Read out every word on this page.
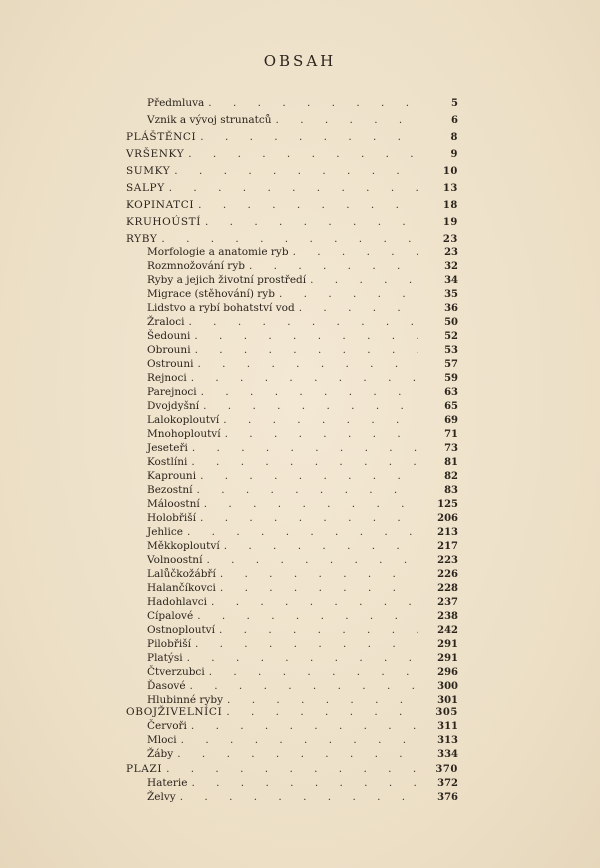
OBSAH
Předmluva . . .	5
Vznik a vývoj strunatců . . .	6
PLÁŠTĚNCI . . .	8
VRŠENKY . . .	9
SUMKY . . .	10
SALPY . . .	13
KOPINATCI . . .	18
KRUHOÚSTÍ . . .	19
RYBY . . .	23
Morfologie a anatomie ryb . . .	23
Rozmnožování ryb . . .	32
Ryby a jejich životní prostředí . . .	34
Migrace (stěhování) ryb . . .	35
Lidstvo a rybí bohatství vod . . .	36
Žraloci . . .	50
Šedouni . . .	52
Obrouni . . .	53
Ostrouni . . .	57
Rejnoci . . .	59
Parejnoci . . .	63
Dvojdyšní . . .	65
Lalokoploutví . . .	69
Mnohoploutví . . .	71
Jeseteři . . .	73
Kostlíni . . .	81
Kaprouni . . .	82
Bezostní . . .	83
Máloostní . . .	125
Holobřiší . . .	206
Jehlice . . .	213
Měkkoploutví . . .	217
Volnoostní . . .	223
Lalůčkožábří . . .	226
Halančíkovci . . .	228
Hadohlavci . . .	237
Cípalové . . .	238
Ostnoploutví . . .	242
Pilobřiší . . .	291
Platýsi . . .	291
Čtverzubci . . .	296
Ďasové . . .	300
Hlubinné ryby . . .	301
OBOJŽIVELNÍCI . . .	305
Červoři . . .	311
Mloci . . .	313
Žáby . . .	334
PLAZI . . .	370
Haterie . . .	372
Želvy . . .	376
